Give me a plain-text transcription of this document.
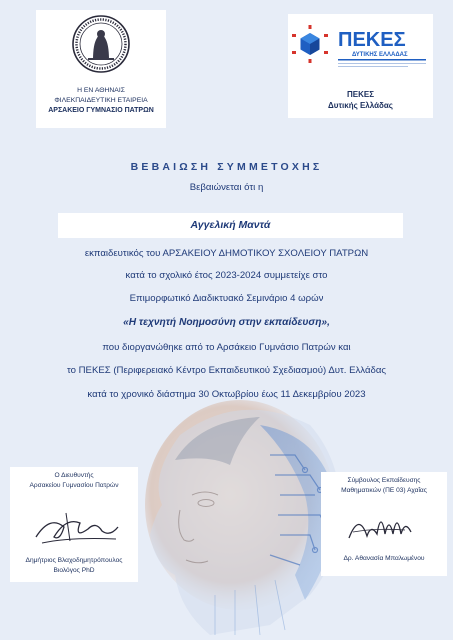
Η ΕΝ ΑΘΗΝΑΙΣ
ΦΙΛΕΚΠΑΙΔΕΥΤΙΚΗ ΕΤΑΙΡΕΙΑ
ΑΡΣΑΚΕΙΟ ΓΥΜΝΑΣΙΟ ΠΑΤΡΩΝ
ΠΕΚΕΣ
ΔΥΤΙΚΗΣ ΕΛΛΑΔΑΣ
ΠΕΚΕΣ
Δυτικής Ελλάδας
ΒΕΒΑΙΩΣΗ ΣΥΜΜΕΤΟΧΗΣ
Βεβαιώνεται ότι η
Αγγελική Μαντά
εκπαιδευτικός του ΑΡΣΑΚΕΙΟΥ ΔΗΜΟΤΙΚΟΥ ΣΧΟΛΕΙΟΥ ΠΑΤΡΩΝ
κατά το σχολικό έτος 2023-2024 συμμετείχε στο
Επιμορφωτικό Διαδικτυακό Σεμινάριο 4 ωρών
«Η τεχνητή Νοημοσύνη στην εκπαίδευση»,
που διοργανώθηκε από το Αρσάκειο Γυμνάσιο Πατρών και
το ΠΕΚΕΣ (Περιφερειακό Κέντρο Εκπαιδευτικού Σχεδιασμού) Δυτ. Ελλάδας
κατά το χρονικό διάστημα 30 Οκτωβρίου έως 11 Δεκεμβρίου 2023
Ο Διευθυντής
Αρσακείου Γυμνασίου Πατρών
Δημήτριος Βλαχοδημητρόπουλος
Βιολόγος PhD
Σύμβουλος Εκπαίδευσης
Μαθηματικών (ΠΕ 03) Αχαΐας
Δρ. Αθανασία Μπαλωμένου
